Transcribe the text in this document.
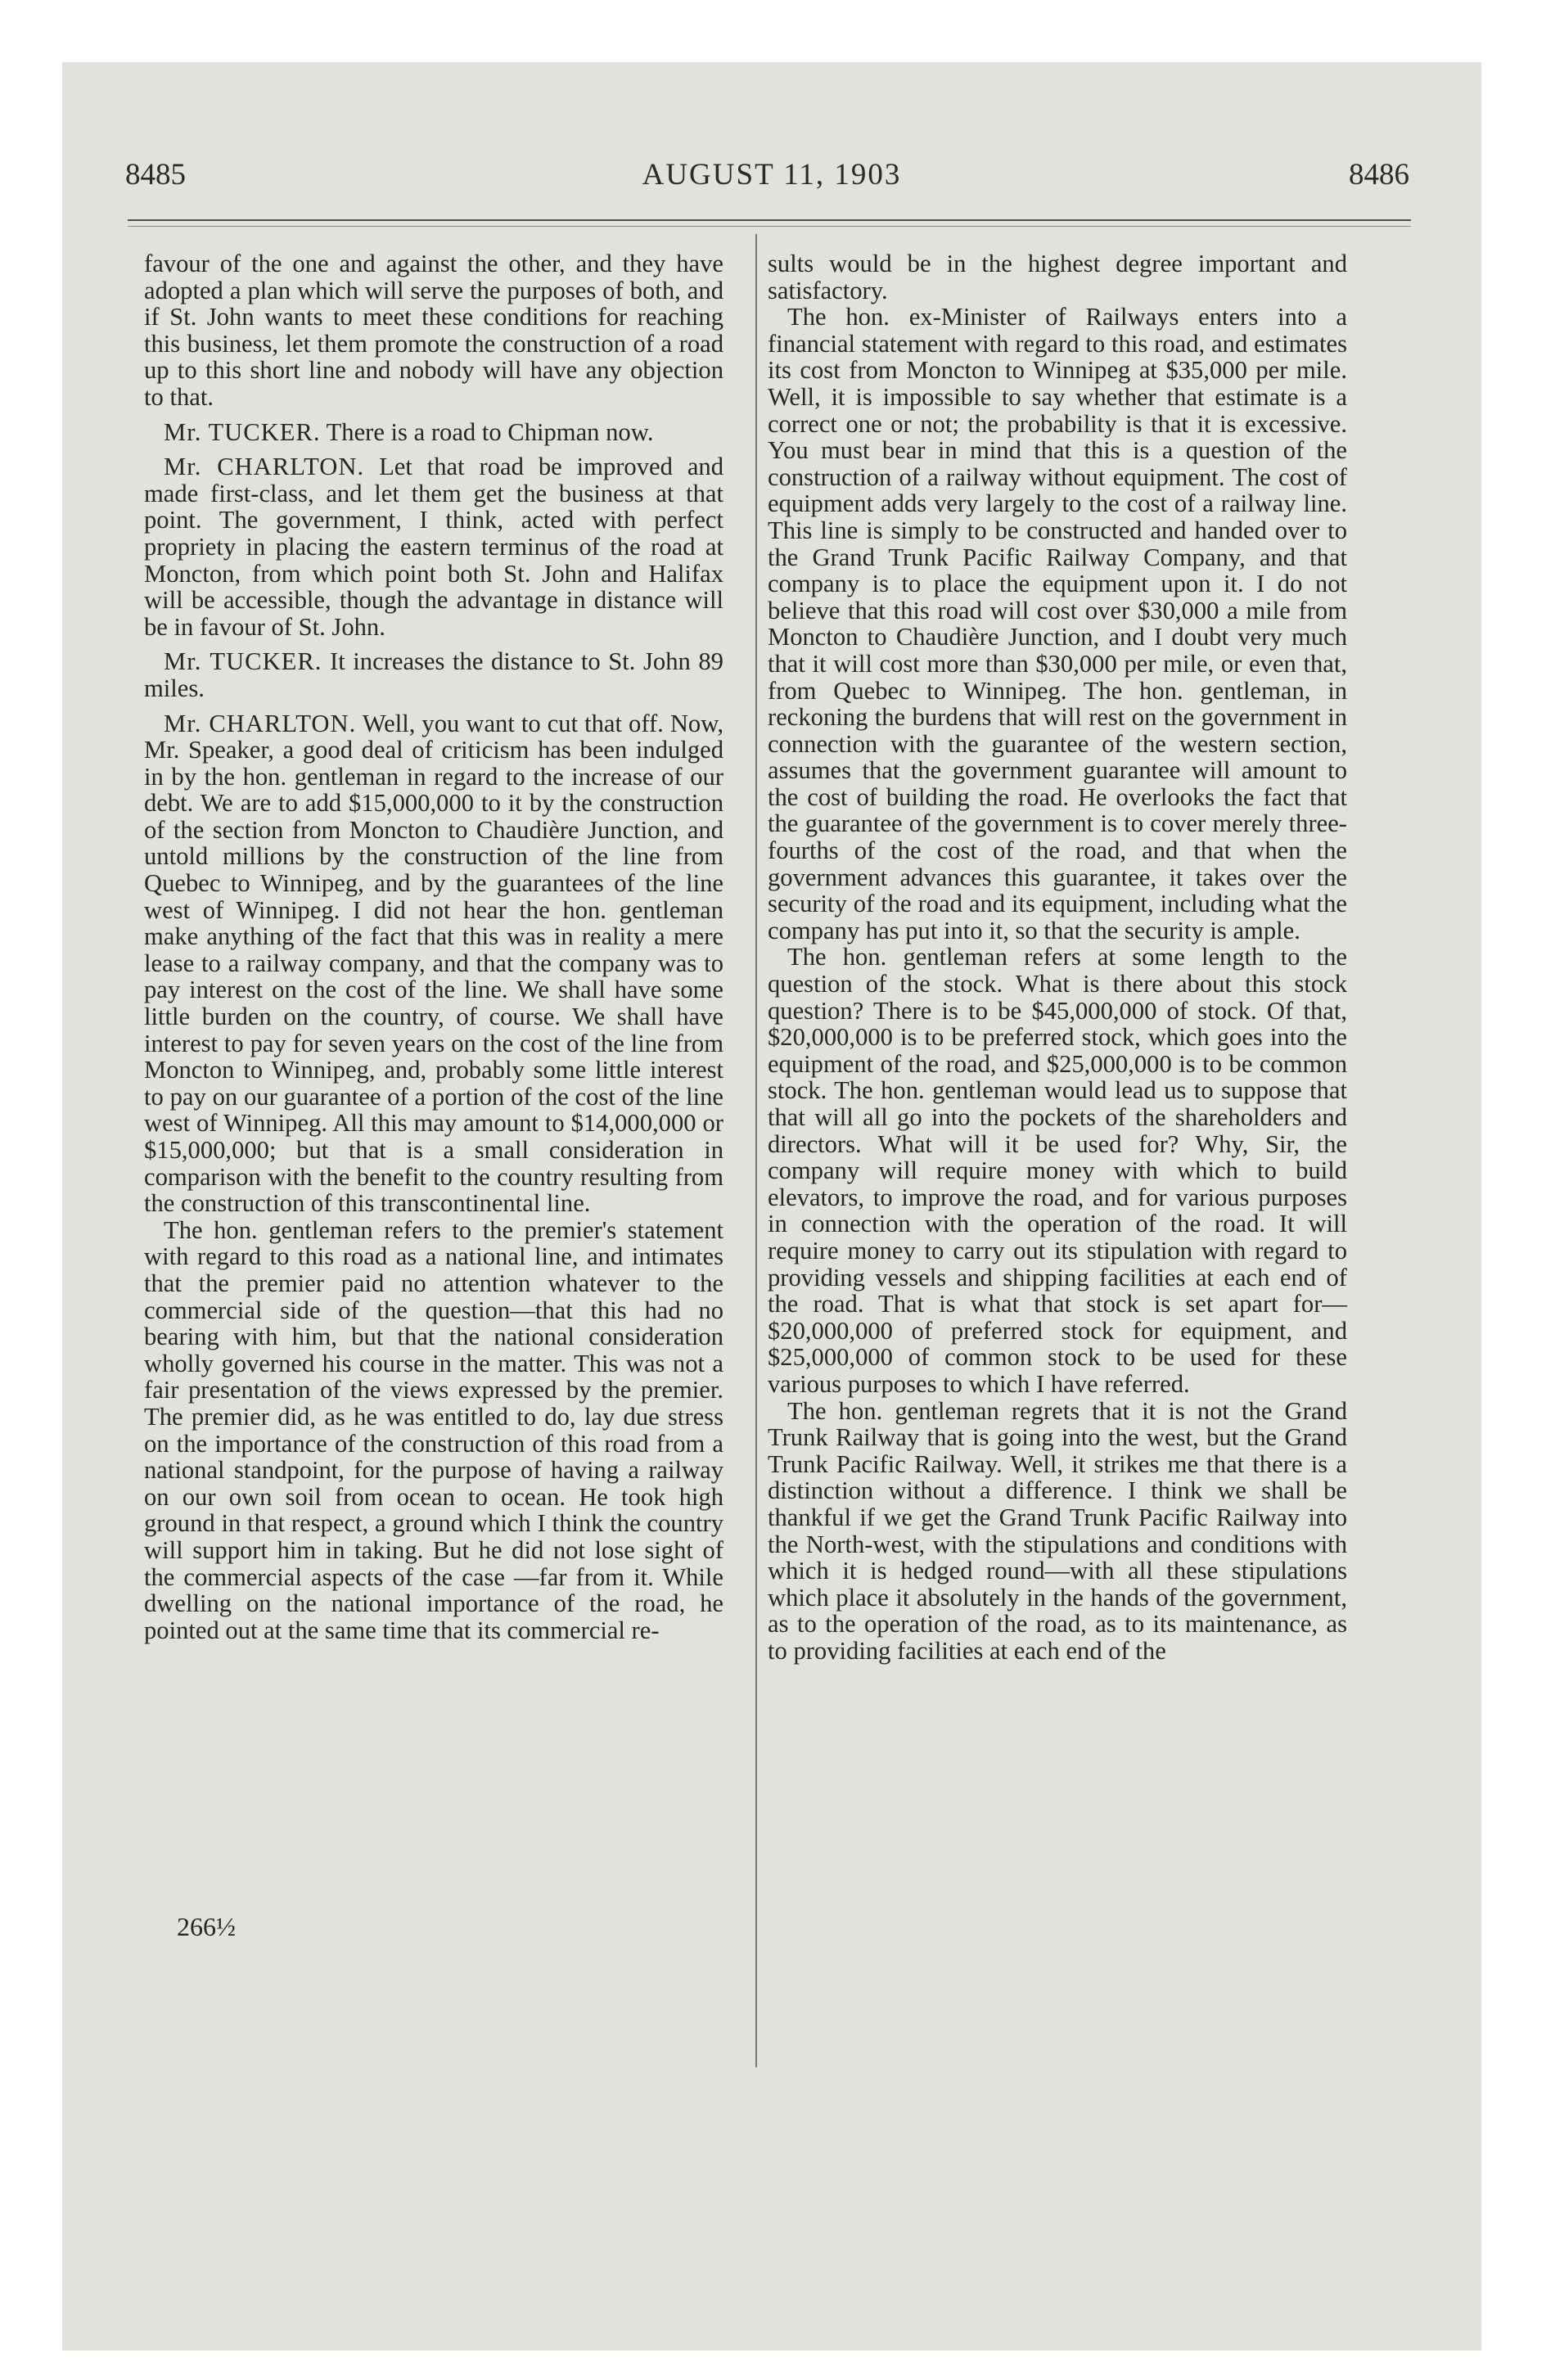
8485	AUGUST 11, 1903	8486

favour of the one and against the other, and they have adopted a plan which will serve the purposes of both, and if St. John wants to meet these conditions for reaching this business, let them promote the construction of a road up to this short line and nobody will have any objection to that.

Mr. TUCKER. There is a road to Chipman now.

Mr. CHARLTON. Let that road be improved and made first-class, and let them get the business at that point. The government, I think, acted with perfect propriety in placing the eastern terminus of the road at Moncton, from which point both St. John and Halifax will be accessible, though the advantage in distance will be in favour of St. John.

Mr. TUCKER. It increases the distance to St. John 89 miles.

Mr. CHARLTON. Well, you want to cut that off. Now, Mr. Speaker, a good deal of criticism has been indulged in by the hon. gentleman in regard to the increase of our debt. We are to add $15,000,000 to it by the construction of the section from Moncton to Chaudière Junction, and untold millions by the construction of the line from Quebec to Winnipeg, and by the guarantees of the line west of Winnipeg. I did not hear the hon. gentleman make anything of the fact that this was in reality a mere lease to a railway company, and that the company was to pay interest on the cost of the line. We shall have some little burden on the country, of course. We shall have interest to pay for seven years on the cost of the line from Moncton to Winnipeg, and, probably some little interest to pay on our guarantee of a portion of the cost of the line west of Winnipeg. All this may amount to $14,000,000 or $15,000,000; but that is a small consideration in comparison with the benefit to the country resulting from the construction of this transcontinental line.

The hon. gentleman refers to the premier's statement with regard to this road as a national line, and intimates that the premier paid no attention whatever to the commercial side of the question—that this had no bearing with him, but that the national consideration wholly governed his course in the matter. This was not a fair presentation of the views expressed by the premier. The premier did, as he was entitled to do, lay due stress on the importance of the construction of this road from a national standpoint, for the purpose of having a railway on our own soil from ocean to ocean. He took high ground in that respect, a ground which I think the country will support him in taking. But he did not lose sight of the commercial aspects of the case —far from it. While dwelling on the national importance of the road, he pointed out at the same time that its commercial re-

sults would be in the highest degree important and satisfactory.

The hon. ex-Minister of Railways enters into a financial statement with regard to this road, and estimates its cost from Moncton to Winnipeg at $35,000 per mile. Well, it is impossible to say whether that estimate is a correct one or not; the probability is that it is excessive. You must bear in mind that this is a question of the construction of a railway without equipment. The cost of equipment adds very largely to the cost of a railway line. This line is simply to be constructed and handed over to the Grand Trunk Pacific Railway Company, and that company is to place the equipment upon it. I do not believe that this road will cost over $30,000 a mile from Moncton to Chaudière Junction, and I doubt very much that it will cost more than $30,000 per mile, or even that, from Quebec to Winnipeg. The hon. gentleman, in reckoning the burdens that will rest on the government in connection with the guarantee of the western section, assumes that the government guarantee will amount to the cost of building the road. He overlooks the fact that the guarantee of the government is to cover merely three-fourths of the cost of the road, and that when the government advances this guarantee, it takes over the security of the road and its equipment, including what the company has put into it, so that the security is ample.

The hon. gentleman refers at some length to the question of the stock. What is there about this stock question? There is to be $45,000,000 of stock. Of that, $20,000,000 is to be preferred stock, which goes into the equipment of the road, and $25,000,000 is to be common stock. The hon. gentleman would lead us to suppose that that will all go into the pockets of the shareholders and directors. What will it be used for? Why, Sir, the company will require money with which to build elevators, to improve the road, and for various purposes in connection with the operation of the road. It will require money to carry out its stipulation with regard to providing vessels and shipping facilities at each end of the road. That is what that stock is set apart for—$20,000,000 of preferred stock for equipment, and $25,000,000 of common stock to be used for these various purposes to which I have referred.

The hon. gentleman regrets that it is not the Grand Trunk Railway that is going into the west, but the Grand Trunk Pacific Railway. Well, it strikes me that there is a distinction without a difference. I think we shall be thankful if we get the Grand Trunk Pacific Railway into the North-west, with the stipulations and conditions with which it is hedged round—with all these stipulations which place it absolutely in the hands of the government, as to the operation of the road, as to its maintenance, as to providing facilities at each end of the

266½
